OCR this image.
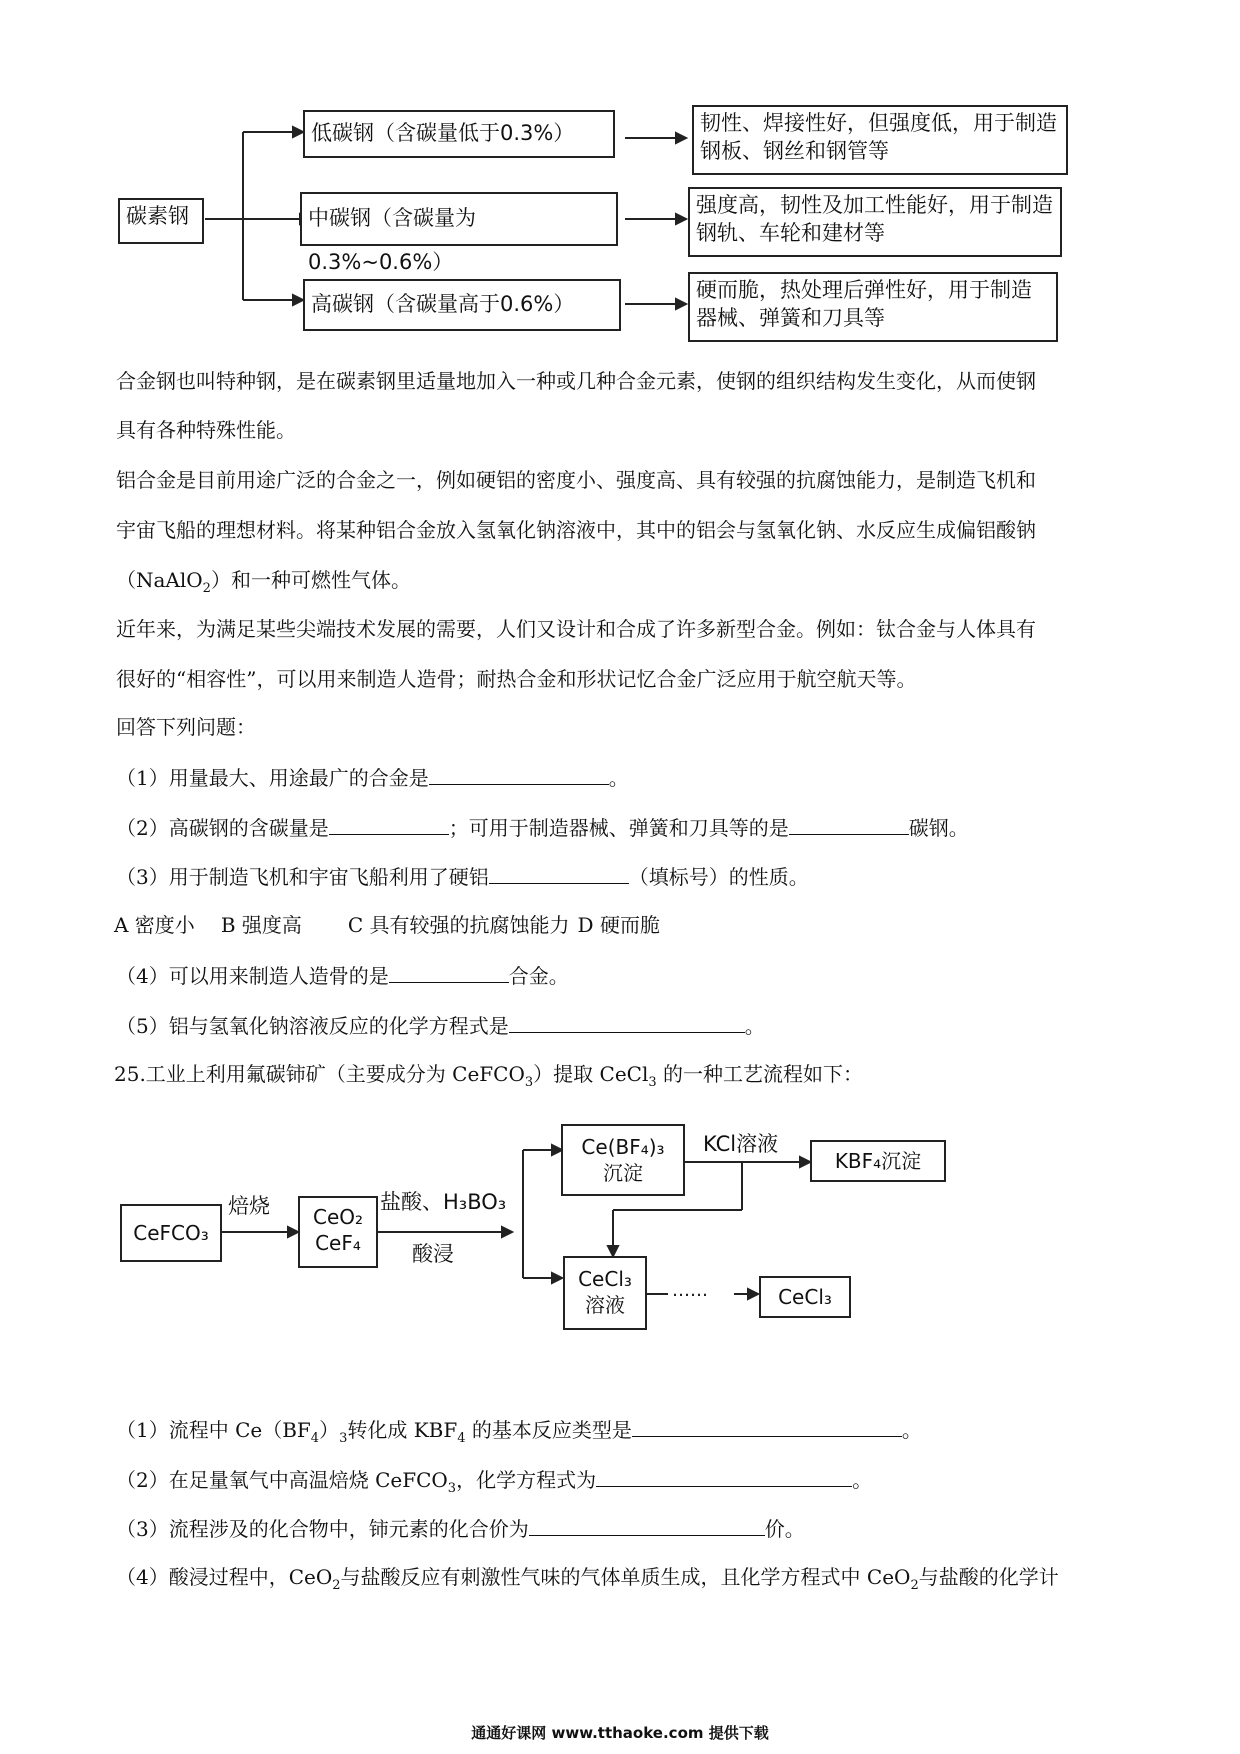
碳素钢
低碳钢（含碳量低于0.3%）
中碳钢（含碳量为0.3%~0.6%）
高碳钢（含碳量高于0.6%）
韧性、焊接性好，但强度低，用于制造钢板、钢丝和钢管等
强度高，韧性及加工性能好，用于制造钢轨、车轮和建材等
硬而脆，热处理后弹性好，用于制造器械、弹簧和刀具等
合金钢也叫特种钢，是在碳素钢里适量地加入一种或几种合金元素，使钢的组织结构发生变化，从而使钢
具有各种特殊性能。
铝合金是目前用途广泛的合金之一，例如硬铝的密度小、强度高、具有较强的抗腐蚀能力，是制造飞机和
宇宙飞船的理想材料。将某种铝合金放入氢氧化钠溶液中，其中的铝会与氢氧化钠、水反应生成偏铝酸钠
（NaAlO$_2$）和一种可燃性气体。
近年来，为满足某些尖端技术发展的需要，人们又设计和合成了许多新型合金。例如：钛合金与人体具有
很好的“相容性”，可以用来制造人造骨；耐热合金和形状记忆合金广泛应用于航空航天等。
回答下列问题：
（1）用量最大、用途最广的合金是	。
（2）高碳钢的含碳量是	；可用于制造器械、弹簧和刀具等的是	碳钢。
（3）用于制造飞机和宇宙飞船利用了硬铝	（填标号）的性质。
A 密度小 B 强度高 C 具有较强的抗腐蚀能力 D 硬而脆
（4）可以用来制造人造骨的是	合金。
（5）铝与氢氧化钠溶液反应的化学方程式是	。
25.工业上利用氟碳铈矿（主要成分为 CeFCO$_3$）提取 CeCl$_3$ 的一种工艺流程如下：
CeFCO₃
焙烧	CeO₂
CeF₄
盐酸、H₃BO₃
酸浸
Ce(BF₄)₃
沉淀
KCl溶液
KBF₄沉淀
CeCl₃
溶液
……	CeCl₃
（1）流程中 $Ce(BF_4)_3$转化成 $KBF_4$ 的基本反应类型是	。
（2）在足量氧气中高温焙烧 CeFCO$_3$，化学方程式为	。
（3）流程涉及的化合物中，铈元素的化合价为	价。
（4）酸浸过程中，CeO$_2$与盐酸反应有刺激性气味的气体单质生成，且化学方程式中 CeO$_2$与盐酸的化学计
通通好课网 www.tthaoke.com 提供下载
